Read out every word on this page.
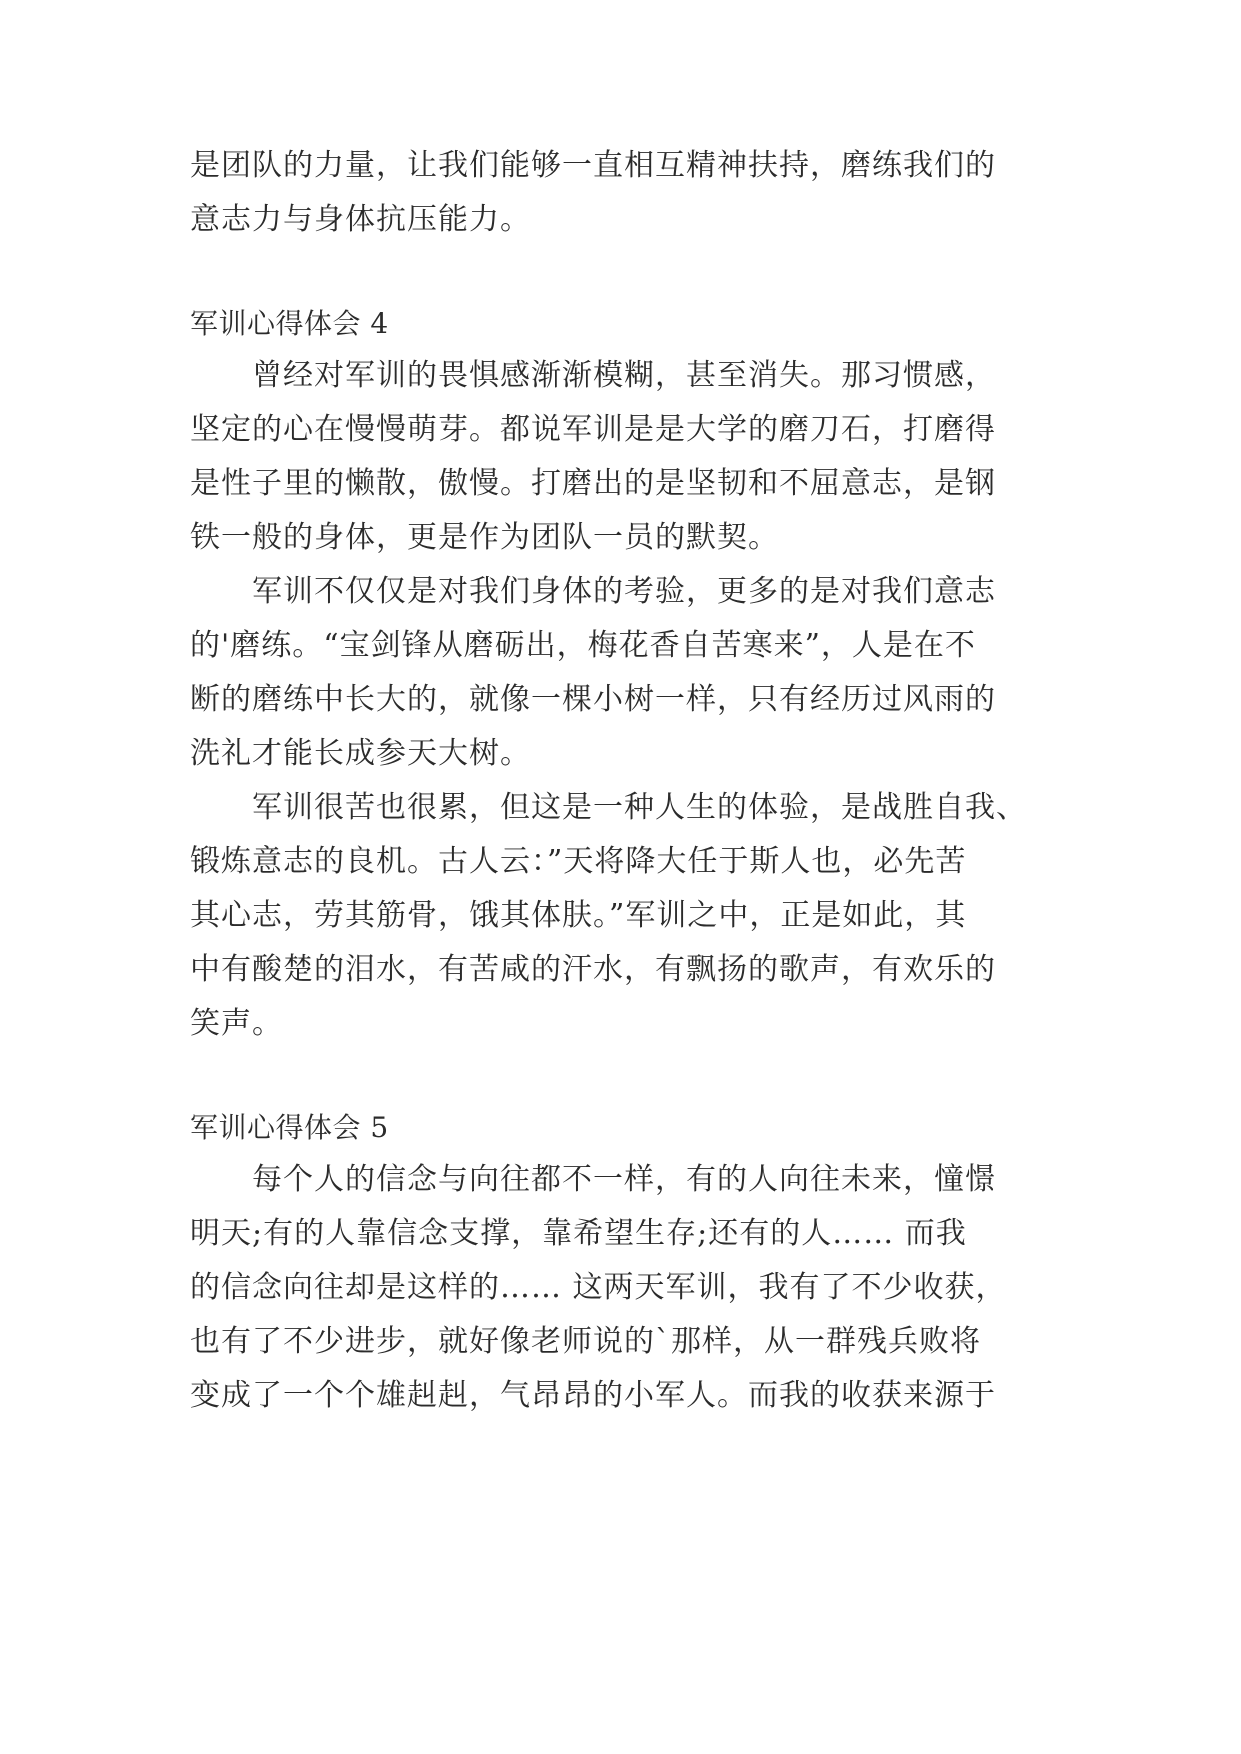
是团队的力量，让我们能够一直相互精神扶持，磨练我们的
意志力与身体抗压能力。
军训心得体会 4
　　曾经对军训的畏惧感渐渐模糊，甚至消失。那习惯感，
坚定的心在慢慢萌芽。都说军训是是大学的磨刀石，打磨得
是性子里的懒散，傲慢。打磨出的是坚韧和不屈意志，是钢
铁一般的身体，更是作为团队一员的默契。
　　军训不仅仅是对我们身体的考验，更多的是对我们意志
的'磨练。“宝剑锋从磨砺出，梅花香自苦寒来”，人是在不
断的磨练中长大的，就像一棵小树一样，只有经历过风雨的
洗礼才能长成参天大树。
　　军训很苦也很累，但这是一种人生的体验，是战胜自我、
锻炼意志的良机。古人云：”天将降大任于斯人也，必先苦
其心志，劳其筋骨，饿其体肤。”军训之中，正是如此，其
中有酸楚的泪水，有苦咸的汗水，有飘扬的歌声，有欢乐的
笑声。
军训心得体会 5
　　每个人的信念与向往都不一样，有的人向往未来，憧憬
明天;有的人靠信念支撑，靠希望生存;还有的人…… 而我
的信念向往却是这样的…… 这两天军训，我有了不少收获，
也有了不少进步，就好像老师说的`那样，从一群残兵败将
变成了一个个雄赳赳，气昂昂的小军人。而我的收获来源于
